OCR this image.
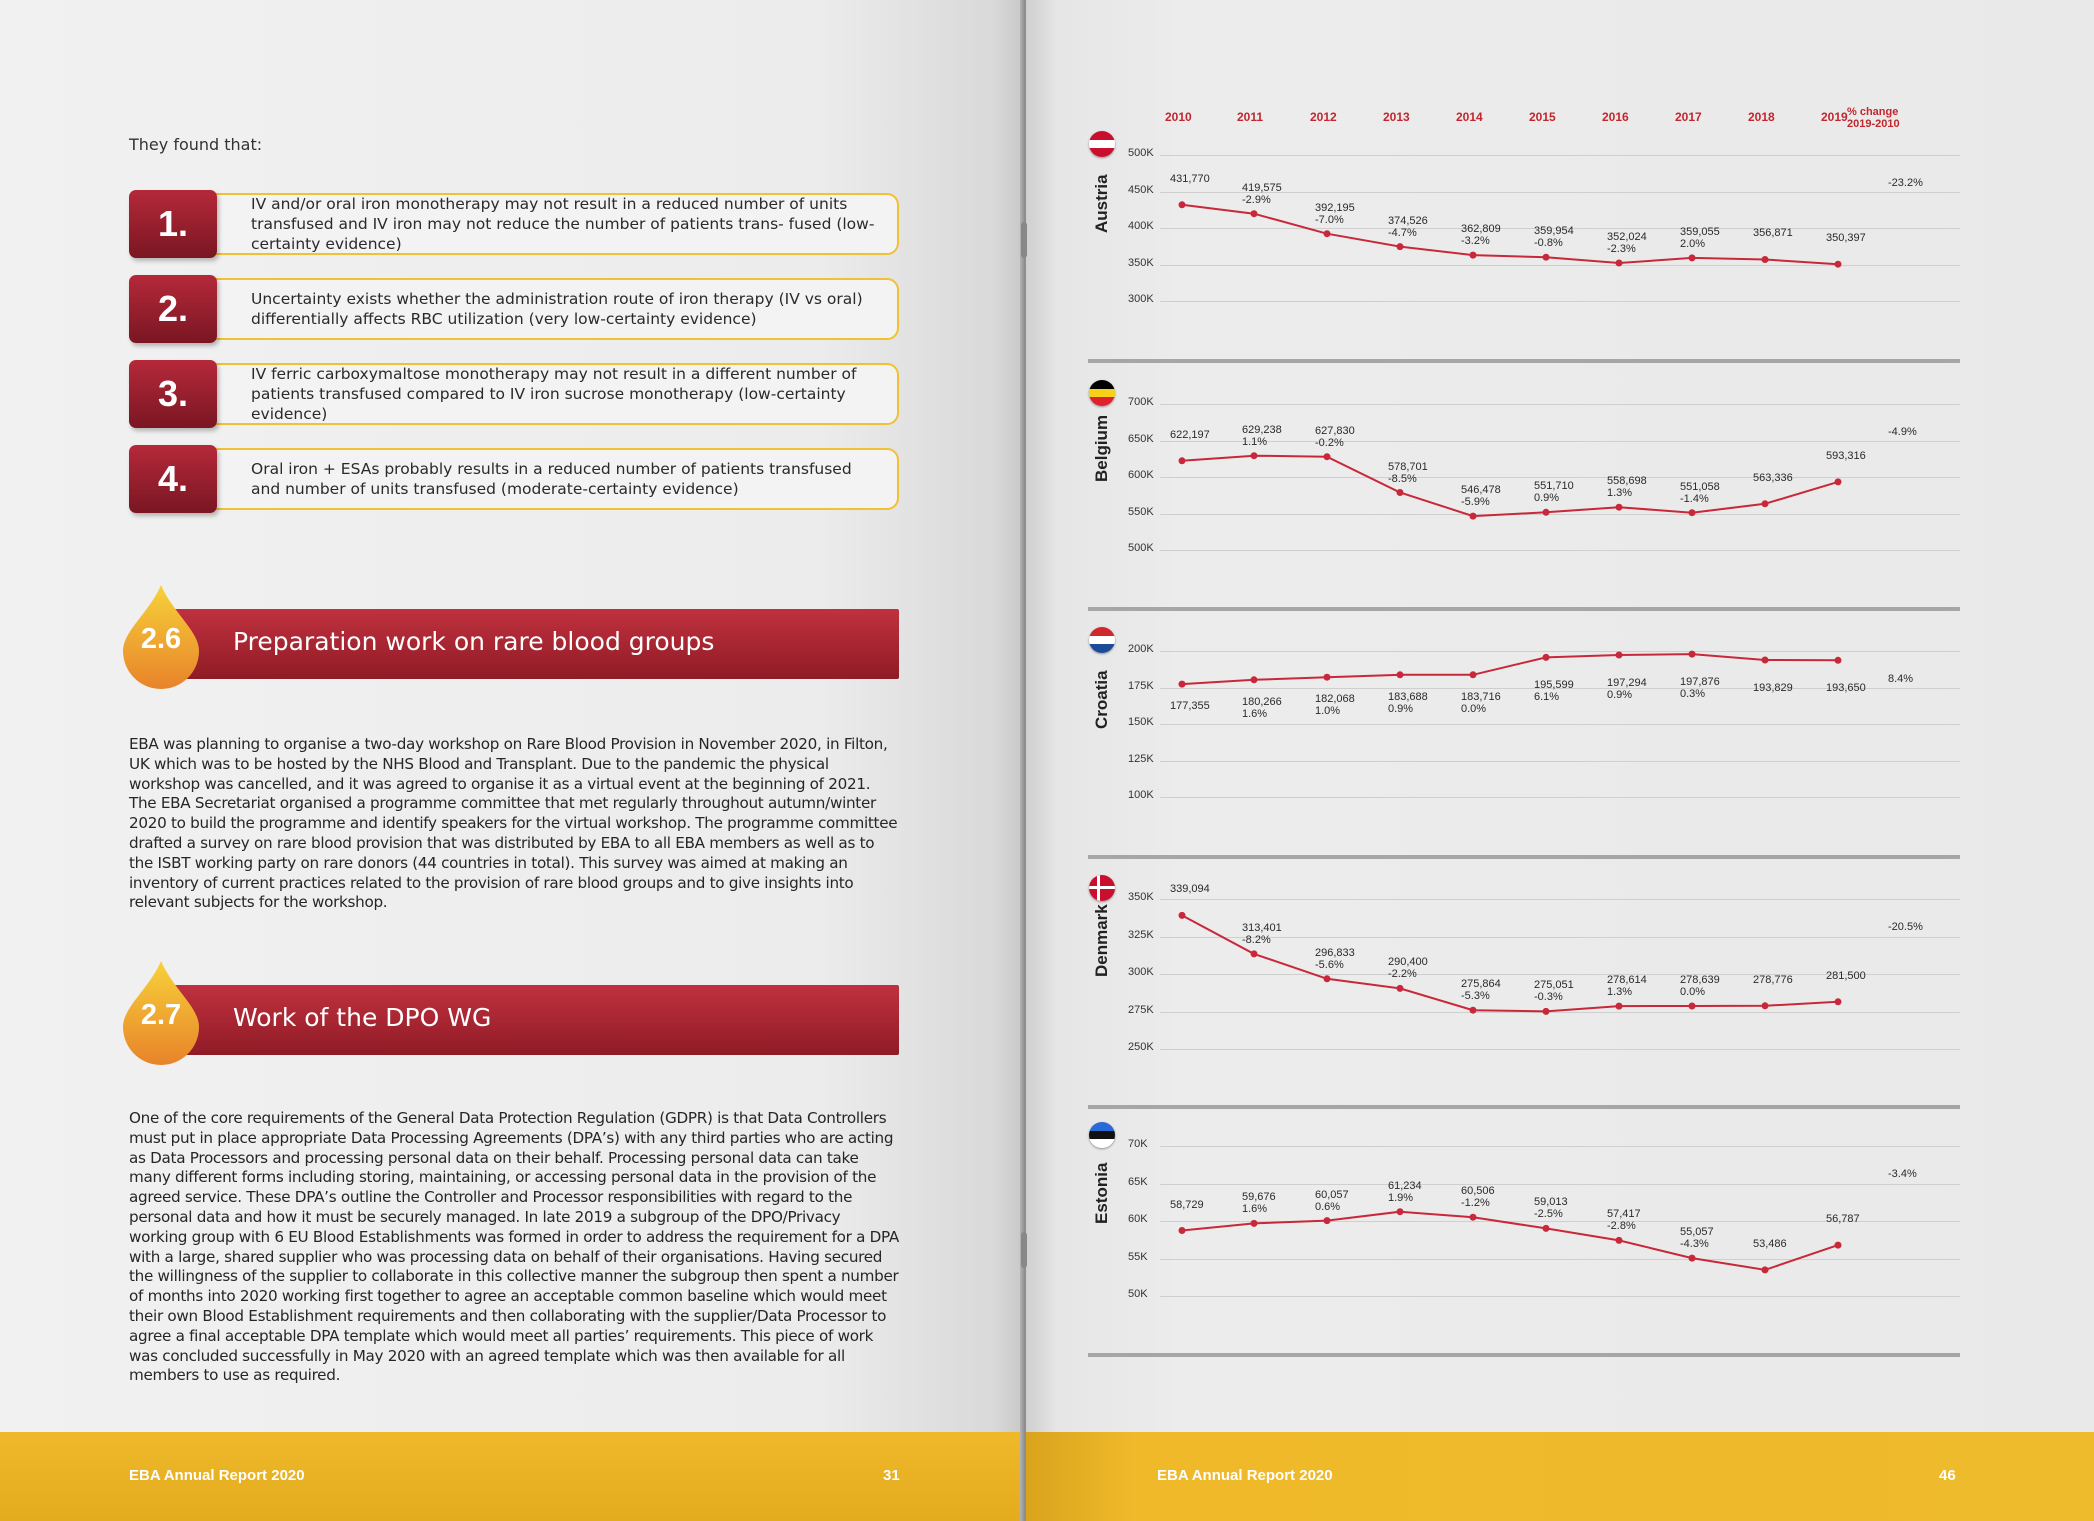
They found that:
1.	IV and/or oral iron monotherapy may not result in a reduced number of units transfused and IV iron may not reduce the number of patients trans- fused (low-certainty evidence)
2.	Uncertainty exists whether the administration route of iron therapy (IV vs oral) differentially affects RBC utilization (very low-certainty evidence)
3.	IV ferric carboxymaltose monotherapy may not result in a different number of patients transfused compared to IV iron sucrose monotherapy (low-certainty evidence)
4.	Oral iron + ESAs probably results in a reduced number of patients transfused and number of units transfused (moderate-certainty evidence)
Preparation work on rare blood groups
2.6
EBA was planning to organise a two-day workshop on Rare Blood Provision in November 2020, in Filton, UK which was to be hosted by the NHS Blood and Transplant. Due to the pandemic the physical workshop was cancelled, and it was agreed to organise it as a virtual event at the beginning of 2021. The EBA Secretariat organised a programme committee that met regularly throughout autumn/winter 2020 to build the programme and identify speakers for the virtual workshop. The programme committee drafted a survey on rare blood provision that was distributed by EBA to all EBA members as well as to the ISBT working party on rare donors (44 countries in total). This survey was aimed at making an inventory of current practices related to the provision of rare blood groups and to give insights into relevant subjects for the workshop.
Work of the DPO WG
2.7
One of the core requirements of the General Data Protection Regulation (GDPR) is that Data Controllers must put in place appropriate Data Processing Agreements (DPA’s) with any third parties who are acting as Data Processors and processing personal data on their behalf. Processing personal data can take many different forms including storing, maintaining, or accessing personal data in the provision of the agreed service. These DPA’s outline the Controller and Processor responsibilities with regard to the personal data and how it must be securely managed. In late 2019 a subgroup of the DPO/Privacy working group with 6 EU Blood Establishments was formed in order to address the requirement for a DPA with a large, shared supplier who was processing data on behalf of their organisations. Having secured the willingness of the supplier to collaborate in this collective manner the subgroup then spent a number of months into 2020 working first together to agree an acceptable common baseline which would meet their own Blood Establishment requirements and then collaborating with the supplier/Data Processor to agree a final acceptable DPA template which would meet all parties’ requirements. This piece of work was concluded successfully in May 2020 with an agreed template which was then available for all members to use as required.
EBA Annual Report 2020	31	EBA Annual Report 2020	46
2010	2011	2012	2013	2014	2015	2016	2017	2018	2019
500K
450K
400K
350K
300K
Austria	431,770
419,575
-2.9%
392,195
-7.0%	374,526
-4.7%	362,809
-3.2%
359,954
-0.8%	352,024
-2.3%
359,055
2.0%
356,871	350,397
-23.2%
700K
650K
600K
550K
500K
Belgium	622,197	629,238
1.1%
627,830
-0.2%
578,701
-8.5%
546,478
-5.9%
551,710
0.9%
558,698
1.3%	551,058
-1.4%
563,336
593,316
-4.9%
200K
175K
150K
125K
100K
Croatia	177,355	180,266
1.6%
182,068
1.0%
183,688
0.9%
183,716
0.0%
195,599
6.1%
197,294
0.9%
197,876
0.3%	193,829	193,650
8.4%
350K
325K
300K
275K
250K
Denmark
339,094
313,401
-8.2%
296,833
-5.6%	290,400
-2.2%
275,864
-5.3%
275,051
-0.3%
278,614
1.3%
278,639
0.0%
278,776	281,500
-20.5%
70K
65K
60K
55K
50K
Estonia	58,729
59,676
1.6%
60,057
0.6%
61,234
1.9%
60,506
-1.2%	59,013
-2.5%	57,417
-2.8%	55,057
-4.3%	53,486
56,787
-3.4%
% change
2019-2010
